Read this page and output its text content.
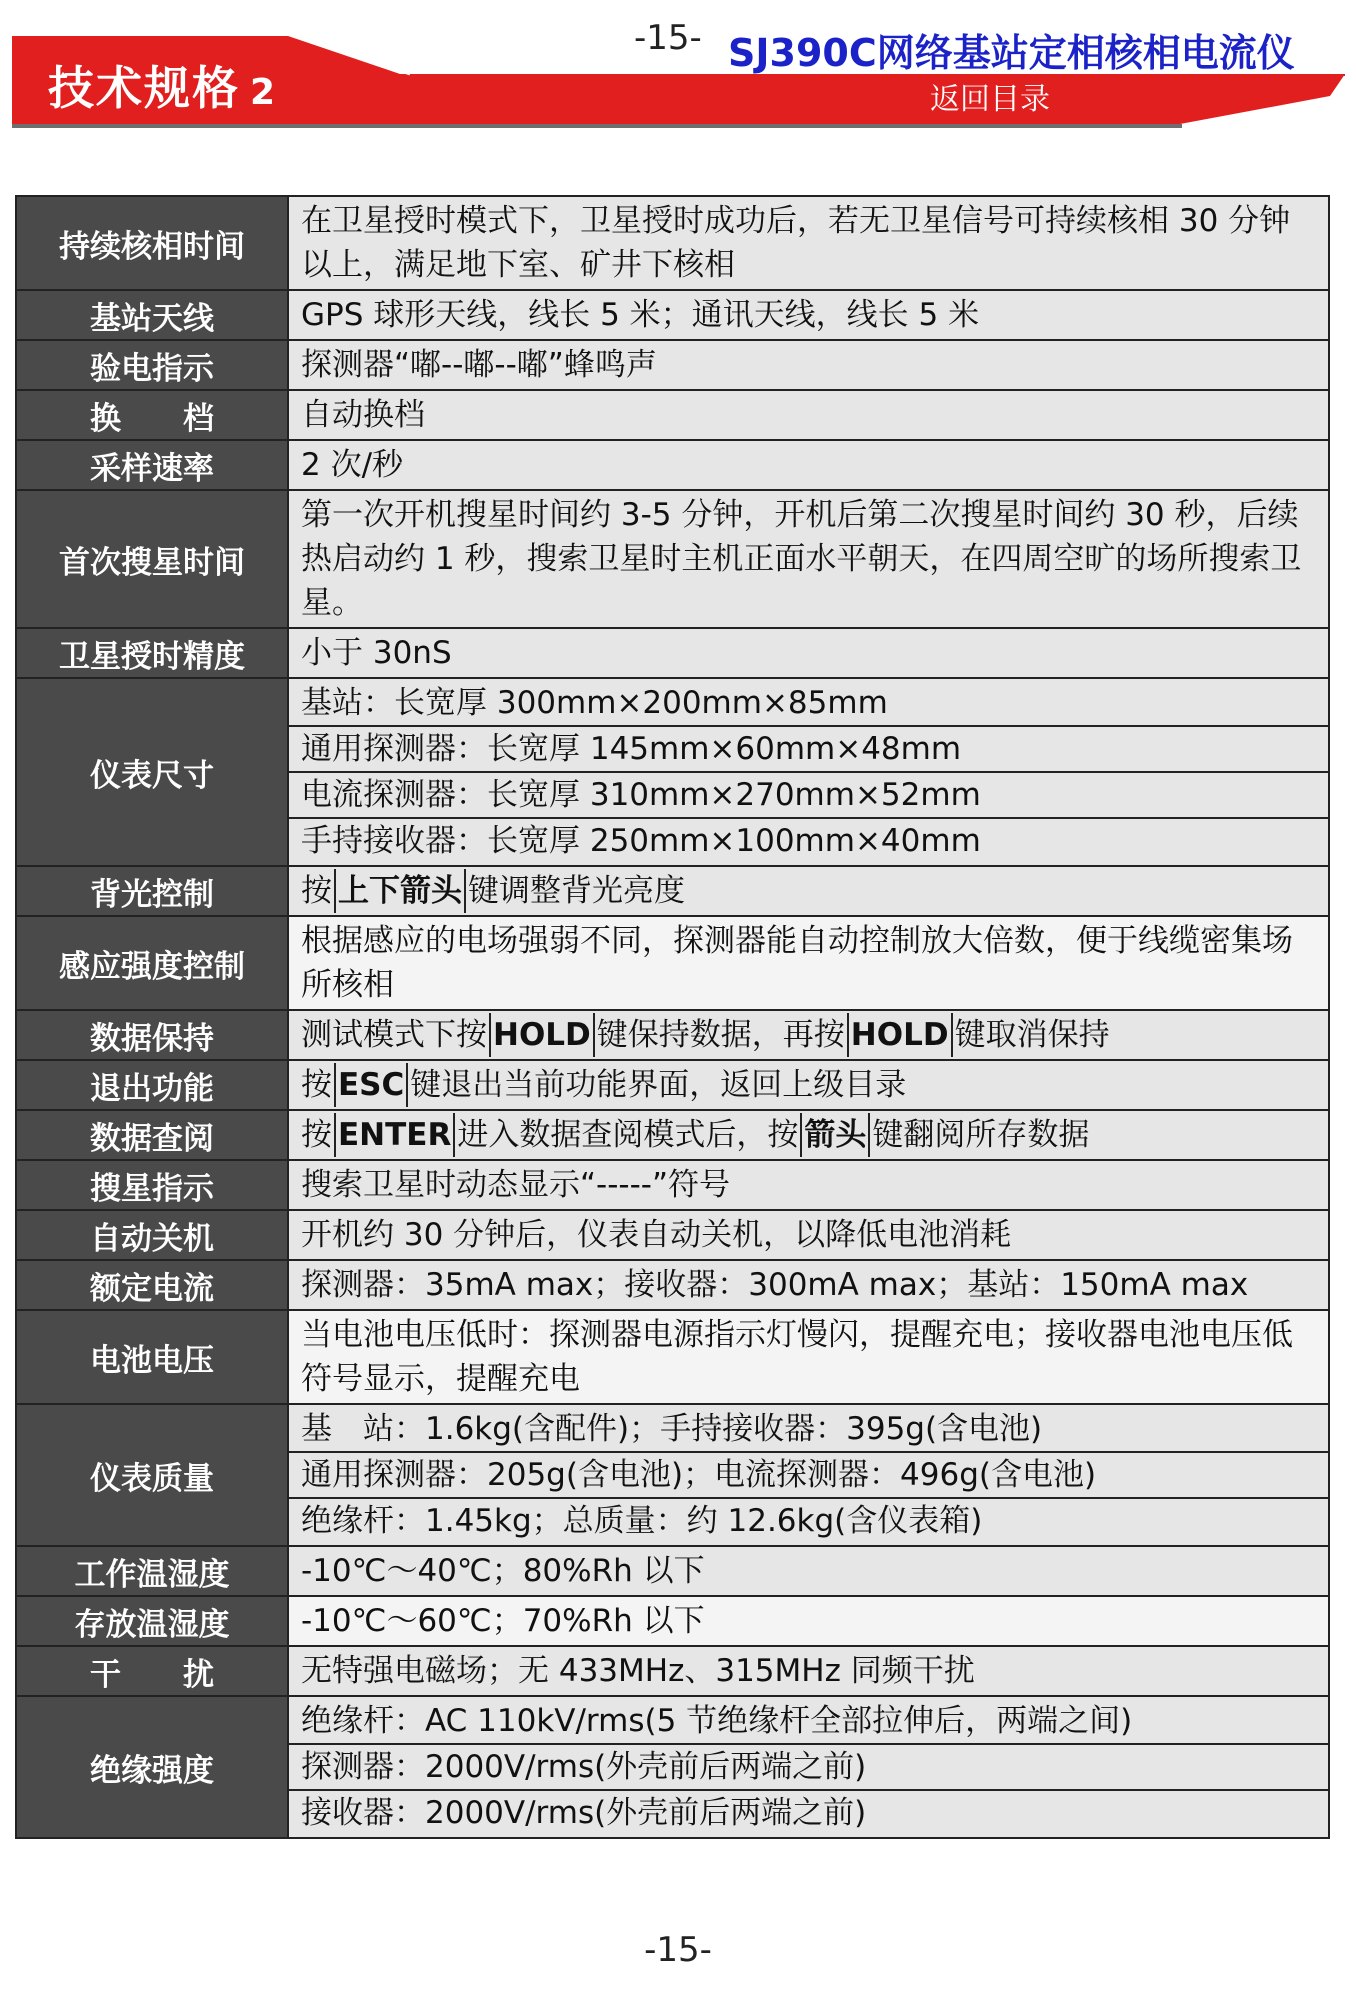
技术规格 2
-15- SJ390C网络基站定相核相电流仪
返回目录
持续核相时间	在卫星授时模式下，卫星授时成功后，若无卫星信号可持续核相 30 分钟以上，满足地下室、矿井下核相

基站天线	GPS 球形天线，线长 5 米；通讯天线，线长 5 米

验电指示	探测器“嘟--嘟--嘟”蜂鸣声

换　　档	自动换档

采样速率	2 次/秒

首次搜星时间	第一次开机搜星时间约 3-5 分钟，开机后第二次搜星时间约 30 秒，后续热启动约 1 秒，搜索卫星时主机正面水平朝天，在四周空旷的场所搜索卫星。

卫星授时精度	小于 30nS

仪表尺寸	基站：长宽厚 300mm×200mm×85mm
通用探测器：长宽厚 145mm×60mm×48mm
电流探测器：长宽厚 310mm×270mm×52mm
手持接收器：长宽厚 250mm×100mm×40mm

背光控制	按 上下箭头 键调整背光亮度
感应强度控制	根据感应的电场强弱不同，探测器能自动控制放大倍数，便于线缆密集场所核相

数据保持	测试模式下按 HOLD 键保持数据，再按 HOLD 键取消保持
退出功能	按 ESC 键退出当前功能界面，返回上级目录
数据查阅	按 ENTER 进入数据查阅模式后，按 箭头 键翻阅所存数据
搜星指示	搜索卫星时动态显示“-----”符号

自动关机	开机约 30 分钟后，仪表自动关机，以降低电池消耗

额定电流	探测器：35mA max；接收器：300mA max；基站：150mA max

电池电压	当电池电压低时：探测器电源指示灯慢闪，提醒充电；接收器电池电压低符号显示，提醒充电

仪表质量	基　站：1.6kg(含配件)；手持接收器：395g(含电池)
通用探测器：205g(含电池)；电流探测器：496g(含电池)
绝缘杆：1.45kg；总质量：约 12.6kg(含仪表箱)

工作温湿度	-10℃～40℃；80%Rh 以下

存放温湿度	-10℃～60℃；70%Rh 以下

干　　扰	无特强电磁场；无 433MHz、315MHz 同频干扰

绝缘强度	绝缘杆：AC 110kV/rms(5 节绝缘杆全部拉伸后，两端之间)
探测器：2000V/rms(外壳前后两端之前)
接收器：2000V/rms(外壳前后两端之前)
-15-
